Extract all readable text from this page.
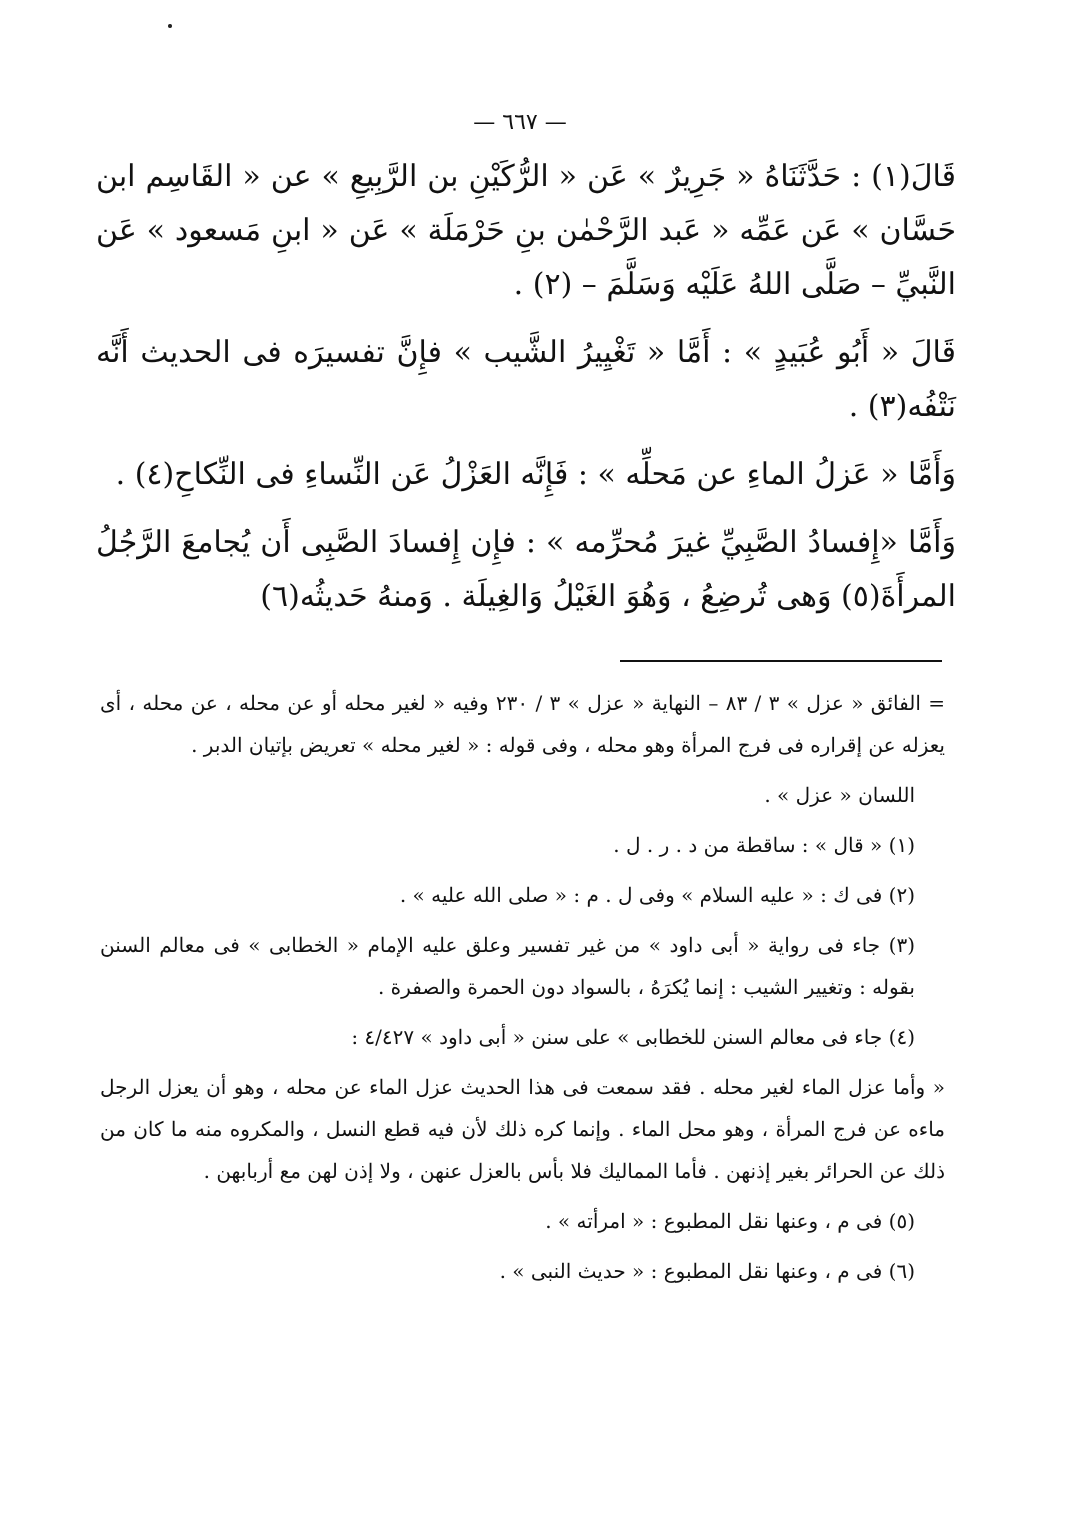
— ٦٦٧ —

قَالَ(١) : حَدَّثَنَاهُ « جَرِيرٌ » عَن « الرُّكَيْنِ بن الرَّبِيعِ » عن « القَاسِم ابن حَسَّان » عَن عَمِّه « عَبد الرَّحْمٰن بنِ حَرْمَلَة » عَن « ابنِ مَسعود » عَن النَّبيِّ – صَلَّى اللهُ عَلَيْه وَسَلَّمَ – (٢) .

قَالَ « أَبُو عُبَيدٍ » : أَمَّا « تَغْيِيرُ الشَّيب » فإِنَّ تفسيرَه فى الحديث أَنَّه نَتْفُه(٣) .

وَأَمَّا « عَزلُ الماءِ عن مَحلِّه » : فَإِنَّه العَزْلُ عَن النِّساءِ فى النِّكاحِ(٤) .

وَأَمَّا «إِفسادُ الصَّبِيِّ غيرَ مُحرِّمه » : فإِن إِفسادَ الصَّبِى أَن يُجامعَ الرَّجُلُ المرأَةَ(٥) وَهى تُرضِعُ ، وَهُوَ الغَيْلُ وَالغِيلَة . وَمنهُ حَديثُه(٦)

= الفائق « عزل » ٣ / ٨٣ – النهاية « عزل » ٣ / ٢٣٠ وفيه « لغير محله أو عن محله ، عن محله ، أى يعزله عن إقراره فى فرج المرأة وهو محله ، وفى قوله : « لغير محله » تعريض بإتيان الدبر .

اللسان « عزل » .

(١) « قال » : ساقطة من د . ر . ل .

(٢) فى ك : « عليه السلام » وفى ل . م : « صلى الله عليه » .

(٣) جاء فى رواية « أبى داود » من غير تفسير وعلق عليه الإمام « الخطابى » فى معالم السنن بقوله : وتغيير الشيب : إنما يُكرَهُ ، بالسواد دون الحمرة والصفرة .

(٤) جاء فى معالم السنن للخطابى » على سنن « أبى داود » ٤/٤٢٧ :

« وأما عزل الماء لغير محله . فقد سمعت فى هذا الحديث عزل الماء عن محله ، وهو أن يعزل الرجل ماءه عن فرج المرأة ، وهو محل الماء . وإنما كره ذلك لأن فيه قطع النسل ، والمكروه منه ما كان من ذلك عن الحرائر بغير إذنهن . فأما المماليك فلا بأس بالعزل عنهن ، ولا إذن لهن مع أربابهن .

(٥) فى م ، وعنها نقل المطبوع : « امرأته » .

(٦) فى م ، وعنها نقل المطبوع : « حديث النبى » .
